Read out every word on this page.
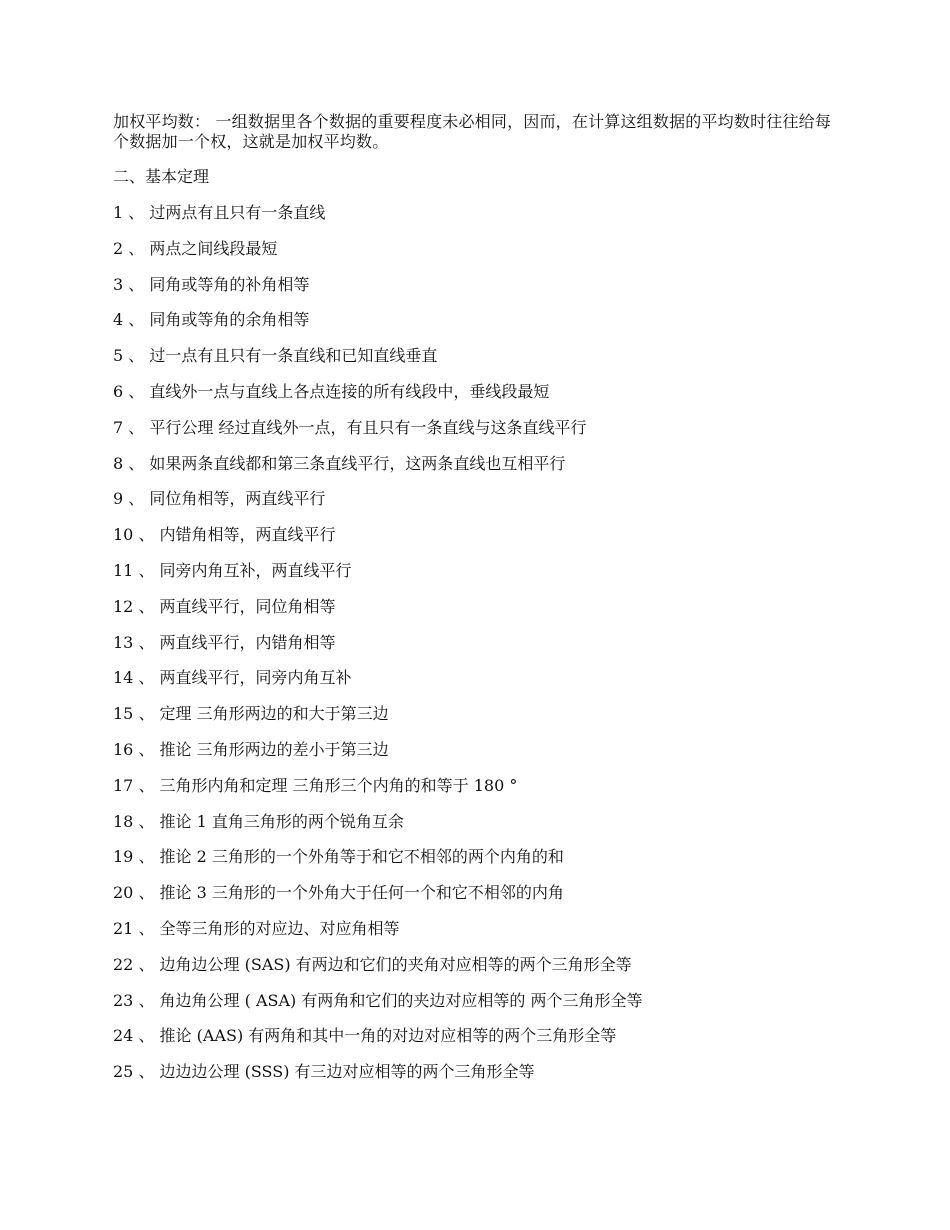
加权平均数： 一组数据里各个数据的重要程度未必相同，因而，在计算这组数据的平均数时往往给每个数据加一个权，这就是加权平均数。

二、基本定理

1 、 过两点有且只有一条直线
2 、 两点之间线段最短
3 、 同角或等角的补角相等
4 、 同角或等角的余角相等
5 、 过一点有且只有一条直线和已知直线垂直
6 、 直线外一点与直线上各点连接的所有线段中，垂线段最短
7 、 平行公理 经过直线外一点，有且只有一条直线与这条直线平行
8 、 如果两条直线都和第三条直线平行，这两条直线也互相平行
9 、 同位角相等，两直线平行
10 、 内错角相等，两直线平行
11 、 同旁内角互补，两直线平行
12 、 两直线平行，同位角相等
13 、 两直线平行，内错角相等
14 、 两直线平行，同旁内角互补
15 、 定理 三角形两边的和大于第三边
16 、 推论 三角形两边的差小于第三边
17 、 三角形内角和定理 三角形三个内角的和等于 180 °
18 、 推论 1 直角三角形的两个锐角互余
19 、 推论 2 三角形的一个外角等于和它不相邻的两个内角的和
20 、 推论 3 三角形的一个外角大于任何一个和它不相邻的内角
21 、 全等三角形的对应边、对应角相等
22 、 边角边公理 (SAS) 有两边和它们的夹角对应相等的两个三角形全等
23 、 角边角公理 ( ASA) 有两角和它们的夹边对应相等的 两个三角形全等
24 、 推论 (AAS) 有两角和其中一角的对边对应相等的两个三角形全等
25 、 边边边公理 (SSS) 有三边对应相等的两个三角形全等
